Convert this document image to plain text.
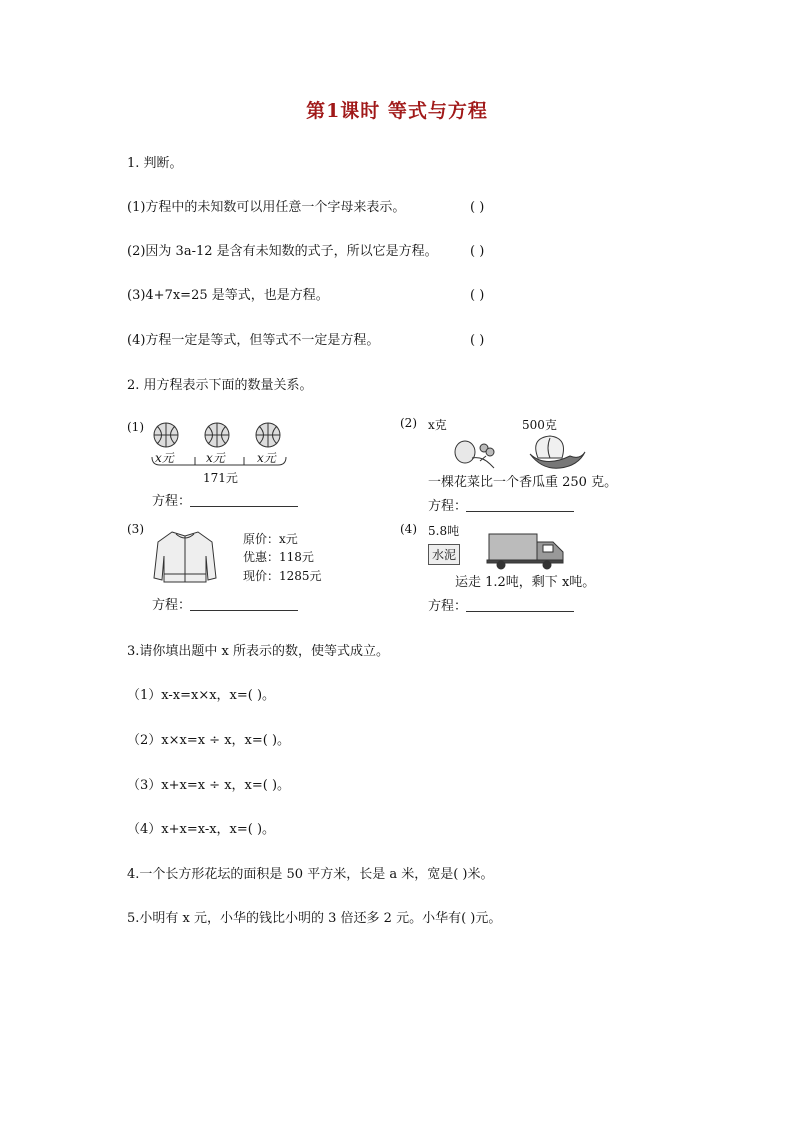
第1课时 等式与方程
1. 判断。
(1)方程中的未知数可以用任意一个字母来表示。	( )
(2)因为 3a-12 是含有未知数的式子，所以它是方程。 ( )
(3)4+7x=25 是等式，也是方程。	( )
(4)方程一定是等式，但等式不一定是方程。	( )
2. 用方程表示下面的数量关系。
(1)
x元	x元	x元
171元
方程：
(2) x克	500克
一棵花菜比一个香瓜重 250 克。
方程：
(3)
原价：x元
优惠：118元
现价：1285元
方程：
(4) 5.8吨
水泥
运走 1.2吨，剩下 x吨。
方程：
3.请你填出题中 x 所表示的数，使等式成立。
（1）x-x=x×x，x=( )。
（2）x×x=x ÷ x，x=( )。
（3）x+x=x ÷ x，x=( )。
（4）x+x=x-x，x=( )。
4.一个长方形花坛的面积是 50 平方米，长是 a 米，宽是( )米。
5.小明有 x 元，小华的钱比小明的 3 倍还多 2 元。小华有( )元。
